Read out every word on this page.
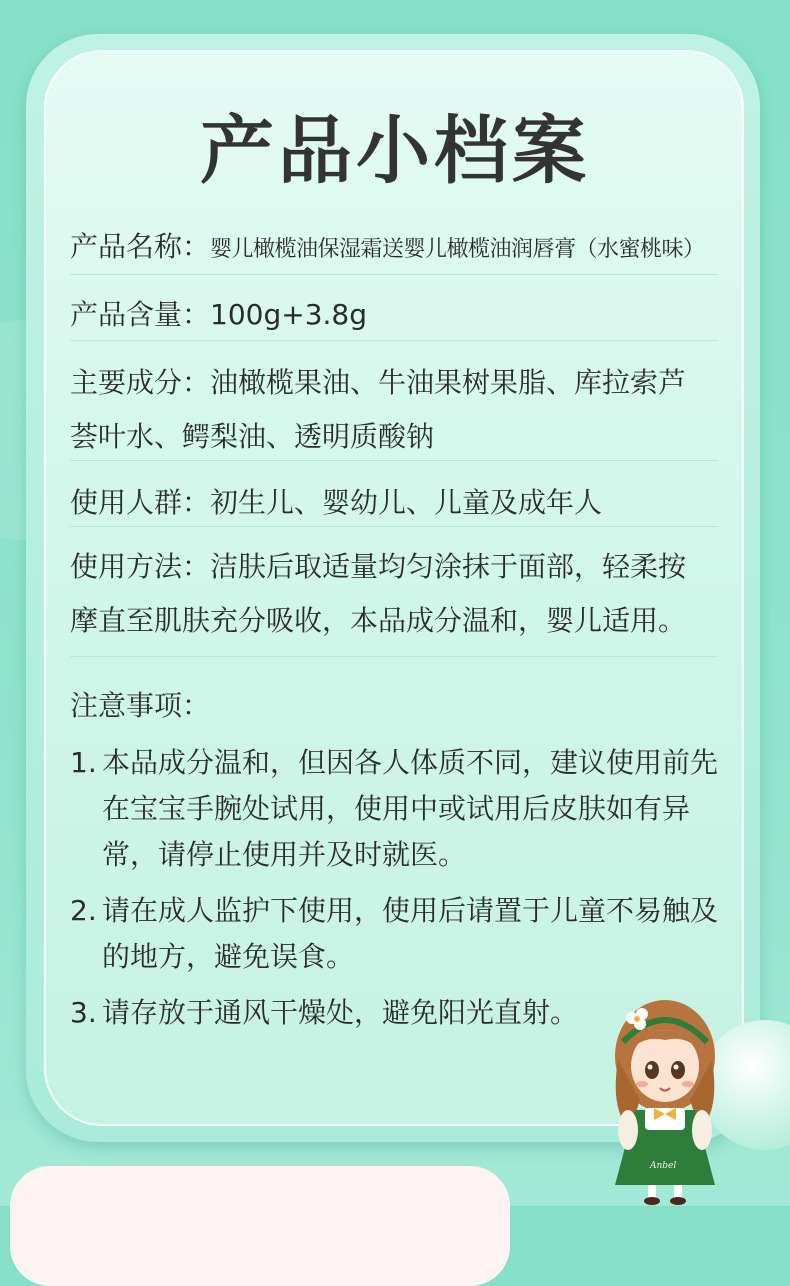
产品小档案
产品名称：婴儿橄榄油保湿霜送婴儿橄榄油润唇膏（水蜜桃味）
产品含量：100g+3.8g
主要成分：油橄榄果油、牛油果树果脂、库拉索芦
荟叶水、鳄梨油、透明质酸钠
使用人群：初生儿、婴幼儿、儿童及成年人
使用方法：洁肤后取适量均匀涂抹于面部，轻柔按
摩直至肌肤充分吸收，本品成分温和，婴儿适用。
注意事项：
1. 本品成分温和，但因各人体质不同，建议使用前先在宝宝手腕处试用，使用中或试用后皮肤如有异常，请停止使用并及时就医。
2. 请在成人监护下使用，使用后请置于儿童不易触及的地方，避免误食。
3. 请存放于通风干燥处，避免阳光直射。
Anbel
